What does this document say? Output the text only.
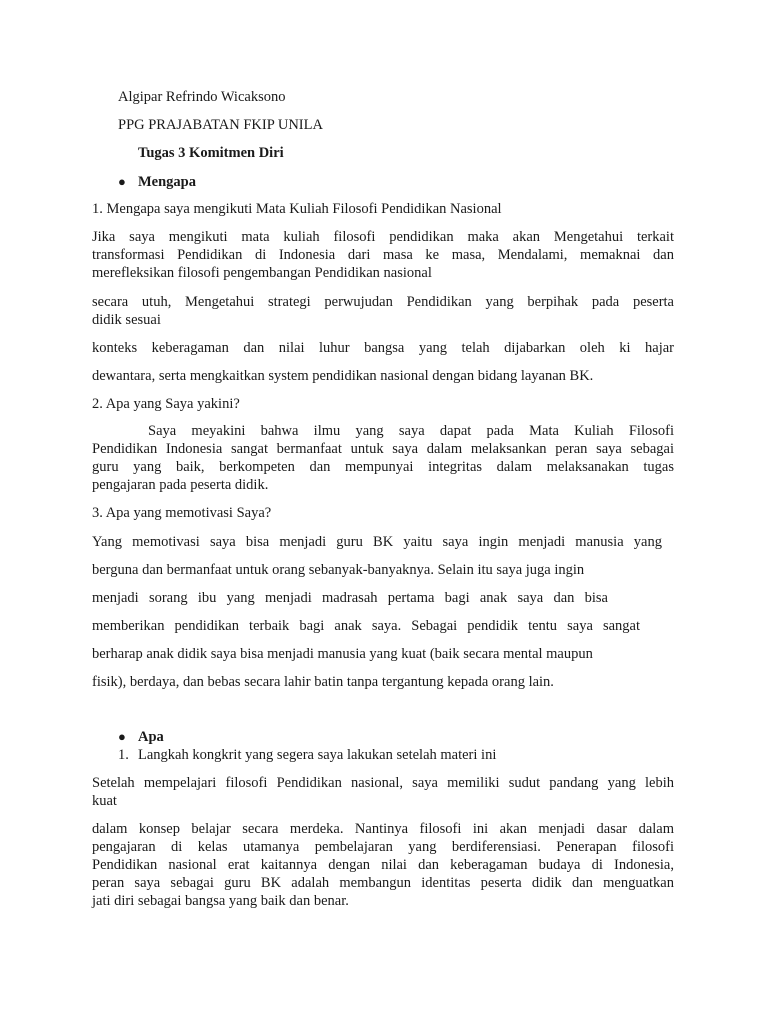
Algipar Refrindo Wicaksono

PPG PRAJABATAN FKIP UNILA

Tugas 3 Komitmen Diri

● Mengapa

1. Mengapa saya mengikuti Mata Kuliah Filosofi Pendidikan Nasional

Jika saya mengikuti mata kuliah filosofi pendidikan maka akan Mengetahui terkait

transformasi Pendidikan di Indonesia dari masa ke masa, Mendalami, memaknai dan

merefleksikan filosofi pengembangan Pendidikan nasional

secara utuh, Mengetahui strategi perwujudan Pendidikan yang berpihak pada peserta

didik sesuai

konteks keberagaman dan nilai luhur bangsa yang telah dijabarkan oleh ki hajar

dewantara, serta mengkaitkan system pendidikan nasional dengan bidang layanan BK.

2. Apa yang Saya yakini?

Saya meyakini bahwa ilmu yang saya dapat pada Mata Kuliah Filosofi

Pendidikan Indonesia sangat bermanfaat untuk saya dalam melaksankan peran saya sebagai

guru yang baik, berkompeten dan mempunyai integritas dalam melaksanakan tugas

pengajaran pada peserta didik.

3. Apa yang memotivasi Saya?

Yang memotivasi saya bisa menjadi guru BK yaitu saya ingin menjadi manusia yang

berguna dan bermanfaat untuk orang sebanyak-banyaknya. Selain itu saya juga ingin

menjadi sorang ibu yang menjadi madrasah pertama bagi anak saya dan bisa

memberikan pendidikan terbaik bagi anak saya. Sebagai pendidik tentu saya sangat

berharap anak didik saya bisa menjadi manusia yang kuat (baik secara mental maupun

fisik), berdaya, dan bebas secara lahir batin tanpa tergantung kepada orang lain.

● Apa

1. Langkah kongkrit yang segera saya lakukan setelah materi ini

Setelah mempelajari filosofi Pendidikan nasional, saya memiliki sudut pandang yang lebih

kuat

dalam konsep belajar secara merdeka. Nantinya filosofi ini akan menjadi dasar dalam

pengajaran di kelas utamanya pembelajaran yang berdiferensiasi. Penerapan filosofi

Pendidikan nasional erat kaitannya dengan nilai dan keberagaman budaya di Indonesia,

peran saya sebagai guru BK adalah membangun identitas peserta didik dan menguatkan

jati diri sebagai bangsa yang baik dan benar.
